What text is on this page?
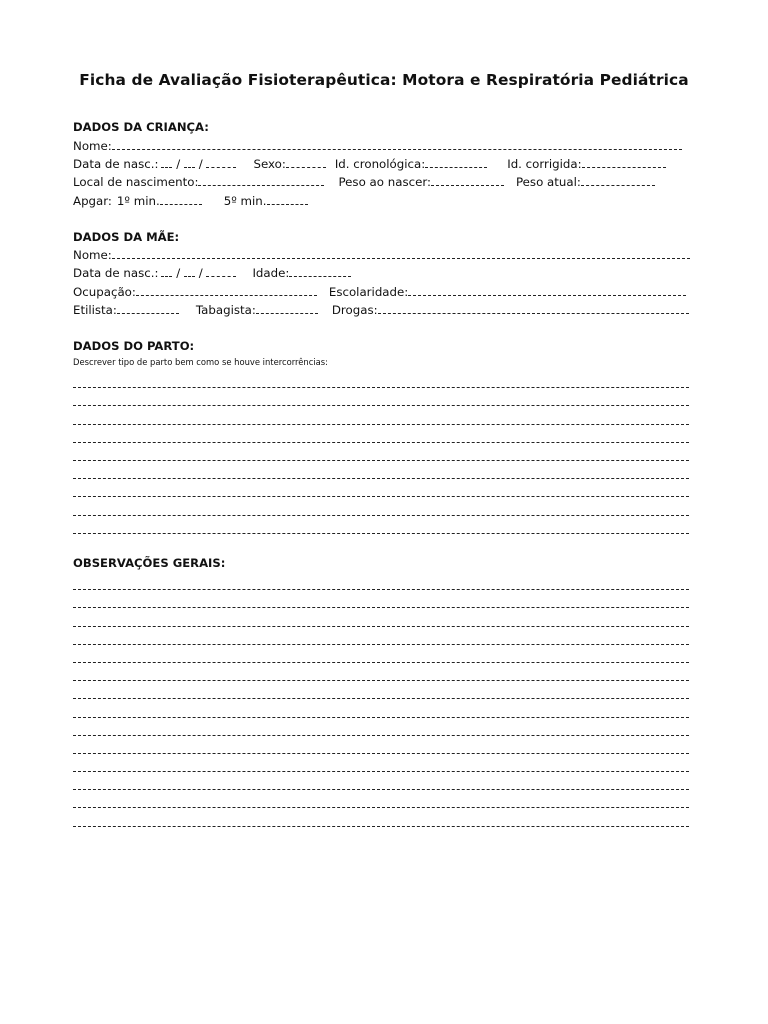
Ficha de Avaliação Fisioterapêutica: Motora e Respiratória Pediátrica
DADOS DA CRIANÇA:
Nome:
Data de nasc.: /  /	Sexo:	Id. cronológica:	Id. corrigida:
Local de nascimento:	Peso ao nascer:	Peso atual:
Apgar: 1º min.	5º min.
DADOS DA MÃE:
Nome:
Data de nasc.: /  /	Idade:
Ocupação:	Escolaridade:
Etilista:	Tabagista:	Drogas:
DADOS DO PARTO:
Descrever tipo de parto bem como se houve intercorrências:
OBSERVAÇÕES GERAIS:
